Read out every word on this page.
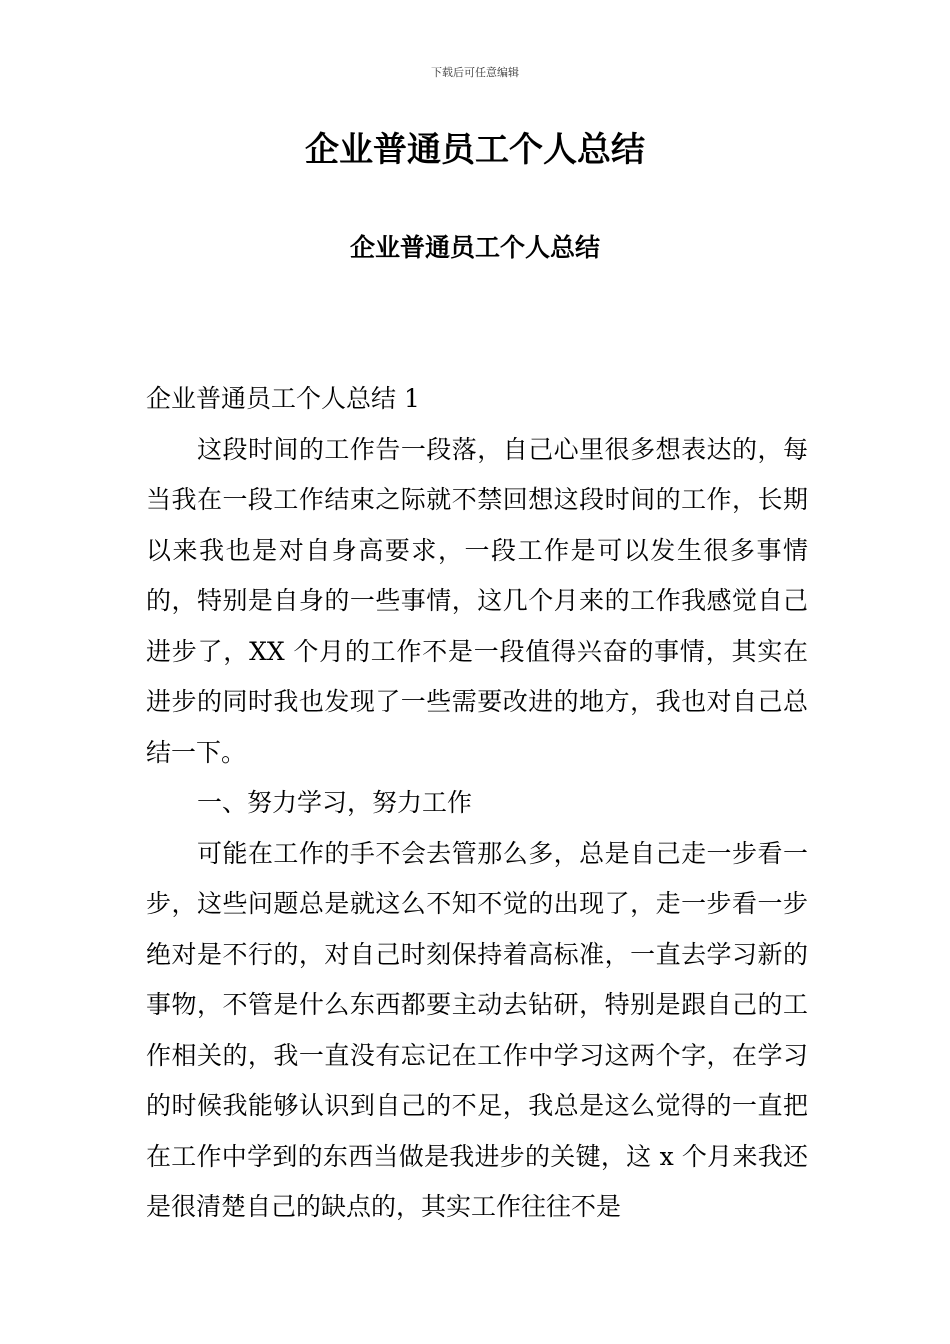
下载后可任意编辑
企业普通员工个人总结
企业普通员工个人总结

企业普通员工个人总结 1

这段时间的工作告一段落，自己心里很多想表达的，每当我在一段工作结束之际就不禁回想这段时间的工作，长期以来我也是对自身高要求，一段工作是可以发生很多事情的，特别是自身的一些事情，这几个月来的工作我感觉自己进步了，XX 个月的工作不是一段值得兴奋的事情，其实在进步的同时我也发现了一些需要改进的地方，我也对自己总结一下。

一、努力学习，努力工作

可能在工作的手不会去管那么多，总是自己走一步看一步，这些问题总是就这么不知不觉的出现了，走一步看一步绝对是不行的，对自己时刻保持着高标准，一直去学习新的事物，不管是什么东西都要主动去钻研，特别是跟自己的工作相关的，我一直没有忘记在工作中学习这两个字，在学习的时候我能够认识到自己的不足，我总是这么觉得的一直把在工作中学到的东西当做是我进步的关键，这 x 个月来我还是很清楚自己的缺点的，其实工作往往不是
